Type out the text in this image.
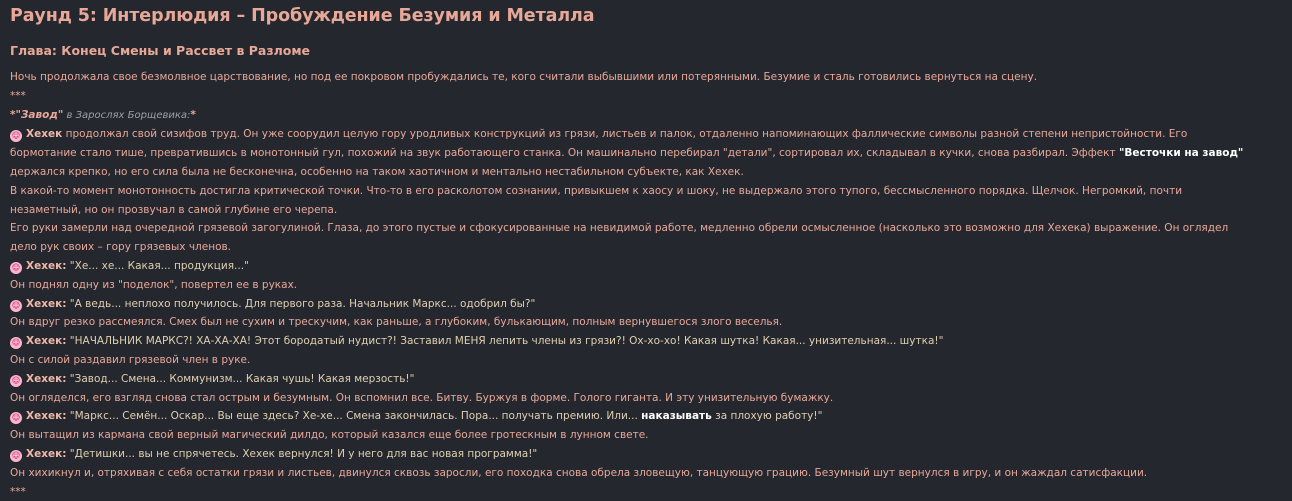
Раунд 5: Интерлюдия – Пробуждение Безумия и Металла
Глава: Конец Смены и Рассвет в Разломе

Ночь продолжала свое безмолвное царствование, но под ее покровом пробуждались те, кого считали выбывшими или потерянными. Безумие и сталь готовились вернуться на сцену.

***

*"Завод" в Зарослях Борщевика:*

☺ Хехек продолжал свой сизифов труд. Он уже соорудил целую гору уродливых конструкций из грязи, листьев и палок, отдаленно напоминающих фаллические символы разной степени непристойности. Его

бормотание стало тише, превратившись в монотонный гул, похожий на звук работающего станка. Он машинально перебирал "детали", сортировал их, складывал в кучки, снова разбирал. Эффект "Весточки на завод"

держался крепко, но его сила была не бесконечна, особенно на таком хаотичном и ментально нестабильном субъекте, как Хехек.

В какой-то момент монотонность достигла критической точки. Что-то в его расколотом сознании, привыкшем к хаосу и шоку, не выдержало этого тупого, бессмысленного порядка. Щелчок. Негромкий, почти

незаметный, но он прозвучал в самой глубине его черепа.

Его руки замерли над очередной грязевой загогулиной. Глаза, до этого пустые и сфокусированные на невидимой работе, медленно обрели осмысленное (насколько это возможно для Хехека) выражение. Он оглядел

дело рук своих – гору грязевых членов.

☺ Хехек: "Хе... хе... Какая... продукция..."

Он поднял одну из "поделок", повертел ее в руках.

☺ Хехек: "А ведь... неплохо получилось. Для первого раза. Начальник Маркс... одобрил бы?"

Он вдруг резко рассмеялся. Смех был не сухим и трескучим, как раньше, а глубоким, булькающим, полным вернувшегося злого веселья.

☺ Хехек: "НАЧАЛЬНИК МАРКС?! ХА-ХА-ХА! Этот бородатый нудист?! Заставил МЕНЯ лепить члены из грязи?! Ох-хо-хо! Какая шутка! Какая... унизительная... шутка!"

Он с силой раздавил грязевой член в руке.

☺ Хехек: "Завод... Смена... Коммунизм... Какая чушь! Какая мерзость!"

Он огляделся, его взгляд снова стал острым и безумным. Он вспомнил все. Битву. Буржуя в форме. Голого гиганта. И эту унизительную бумажку.

☺ Хехек: "Маркс... Семён... Оскар... Вы еще здесь? Хе-хе... Смена закончилась. Пора... получать премию. Или... наказывать за плохую работу!"

Он вытащил из кармана свой верный магический дилдо, который казался еще более гротескным в лунном свете.

☺ Хехек: "Детишки... вы не спрячетесь. Хехек вернулся! И у него для вас новая программа!"

Он хихикнул и, отряхивая с себя остатки грязи и листьев, двинулся сквозь заросли, его походка снова обрела зловещую, танцующую грацию. Безумный шут вернулся в игру, и он жаждал сатисфакции.

***
